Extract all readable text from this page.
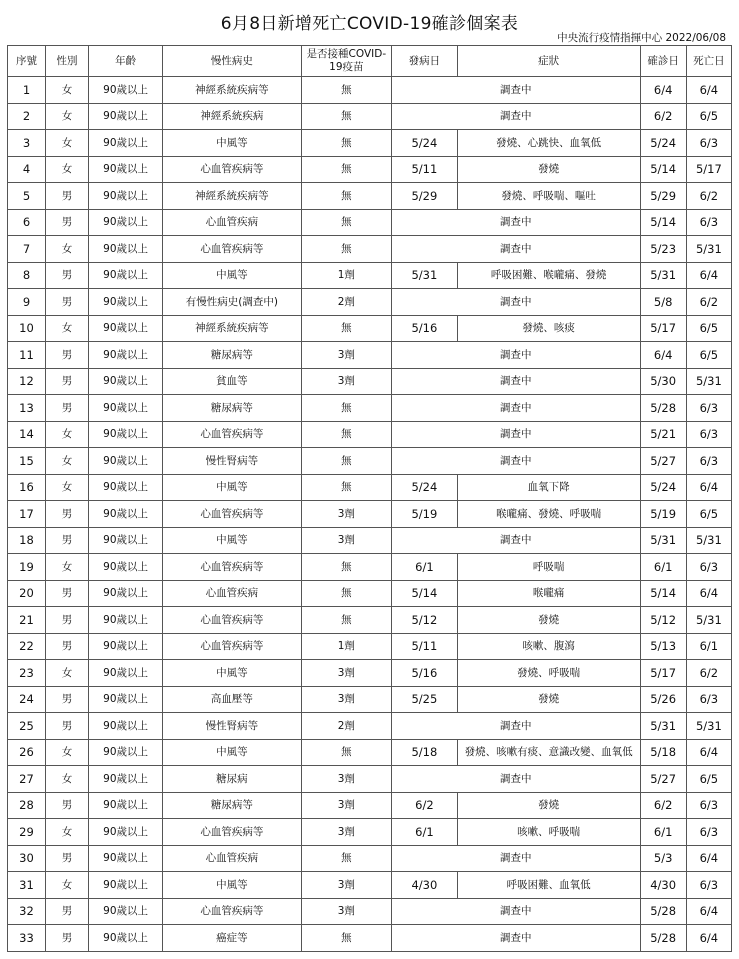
6月8日新增死亡COVID-19確診個案表
中央流行疫情指揮中心 2022/06/08
序號	性別	年齡	慢性病史	是否接種COVID-19疫苗	發病日	症狀	確診日	死亡日
1	女	90歲以上	神經系統疾病等	無	調查中		6/4	6/4
2	女	90歲以上	神經系統疾病	無	調查中		6/2	6/5
3	女	90歲以上	中風等	無	5/24	發燒、心跳快、血氧低	5/24	6/3
4	女	90歲以上	心血管疾病等	無	5/11	發燒	5/14	5/17
5	男	90歲以上	神經系統疾病等	無	5/29	發燒、呼吸喘、嘔吐	5/29	6/2
6	男	90歲以上	心血管疾病	無	調查中		5/14	6/3
7	女	90歲以上	心血管疾病等	無	調查中		5/23	5/31
8	男	90歲以上	中風等	1劑	5/31	呼吸困難、喉嚨痛、發燒	5/31	6/4
9	男	90歲以上	有慢性病史(調查中)	2劑	調查中		5/8	6/2
10	女	90歲以上	神經系統疾病等	無	5/16	發燒、咳痰	5/17	6/5
11	男	90歲以上	糖尿病等	3劑	調查中		6/4	6/5
12	男	90歲以上	貧血等	3劑	調查中		5/30	5/31
13	男	90歲以上	糖尿病等	無	調查中		5/28	6/3
14	女	90歲以上	心血管疾病等	無	調查中		5/21	6/3
15	女	90歲以上	慢性腎病等	無	調查中		5/27	6/3
16	女	90歲以上	中風等	無	5/24	血氧下降	5/24	6/4
17	男	90歲以上	心血管疾病等	3劑	5/19	喉嚨痛、發燒、呼吸喘	5/19	6/5
18	男	90歲以上	中風等	3劑	調查中		5/31	5/31
19	女	90歲以上	心血管疾病等	無	6/1	呼吸喘	6/1	6/3
20	男	90歲以上	心血管疾病	無	5/14	喉嚨痛	5/14	6/4
21	男	90歲以上	心血管疾病等	無	5/12	發燒	5/12	5/31
22	男	90歲以上	心血管疾病等	1劑	5/11	咳嗽、腹瀉	5/13	6/1
23	女	90歲以上	中風等	3劑	5/16	發燒、呼吸喘	5/17	6/2
24	男	90歲以上	高血壓等	3劑	5/25	發燒	5/26	6/3
25	男	90歲以上	慢性腎病等	2劑	調查中		5/31	5/31
26	女	90歲以上	中風等	無	5/18	發燒、咳嗽有痰、意識改變、血氧低	5/18	6/4
27	女	90歲以上	糖尿病	3劑	調查中		5/27	6/5
28	男	90歲以上	糖尿病等	3劑	6/2	發燒	6/2	6/3
29	女	90歲以上	心血管疾病等	3劑	6/1	咳嗽、呼吸喘	6/1	6/3
30	男	90歲以上	心血管疾病	無	調查中		5/3	6/4
31	女	90歲以上	中風等	3劑	4/30	呼吸困難、血氧低	4/30	6/3
32	男	90歲以上	心血管疾病等	3劑	調查中		5/28	6/4
33	男	90歲以上	癌症等	無	調查中		5/28	6/4
